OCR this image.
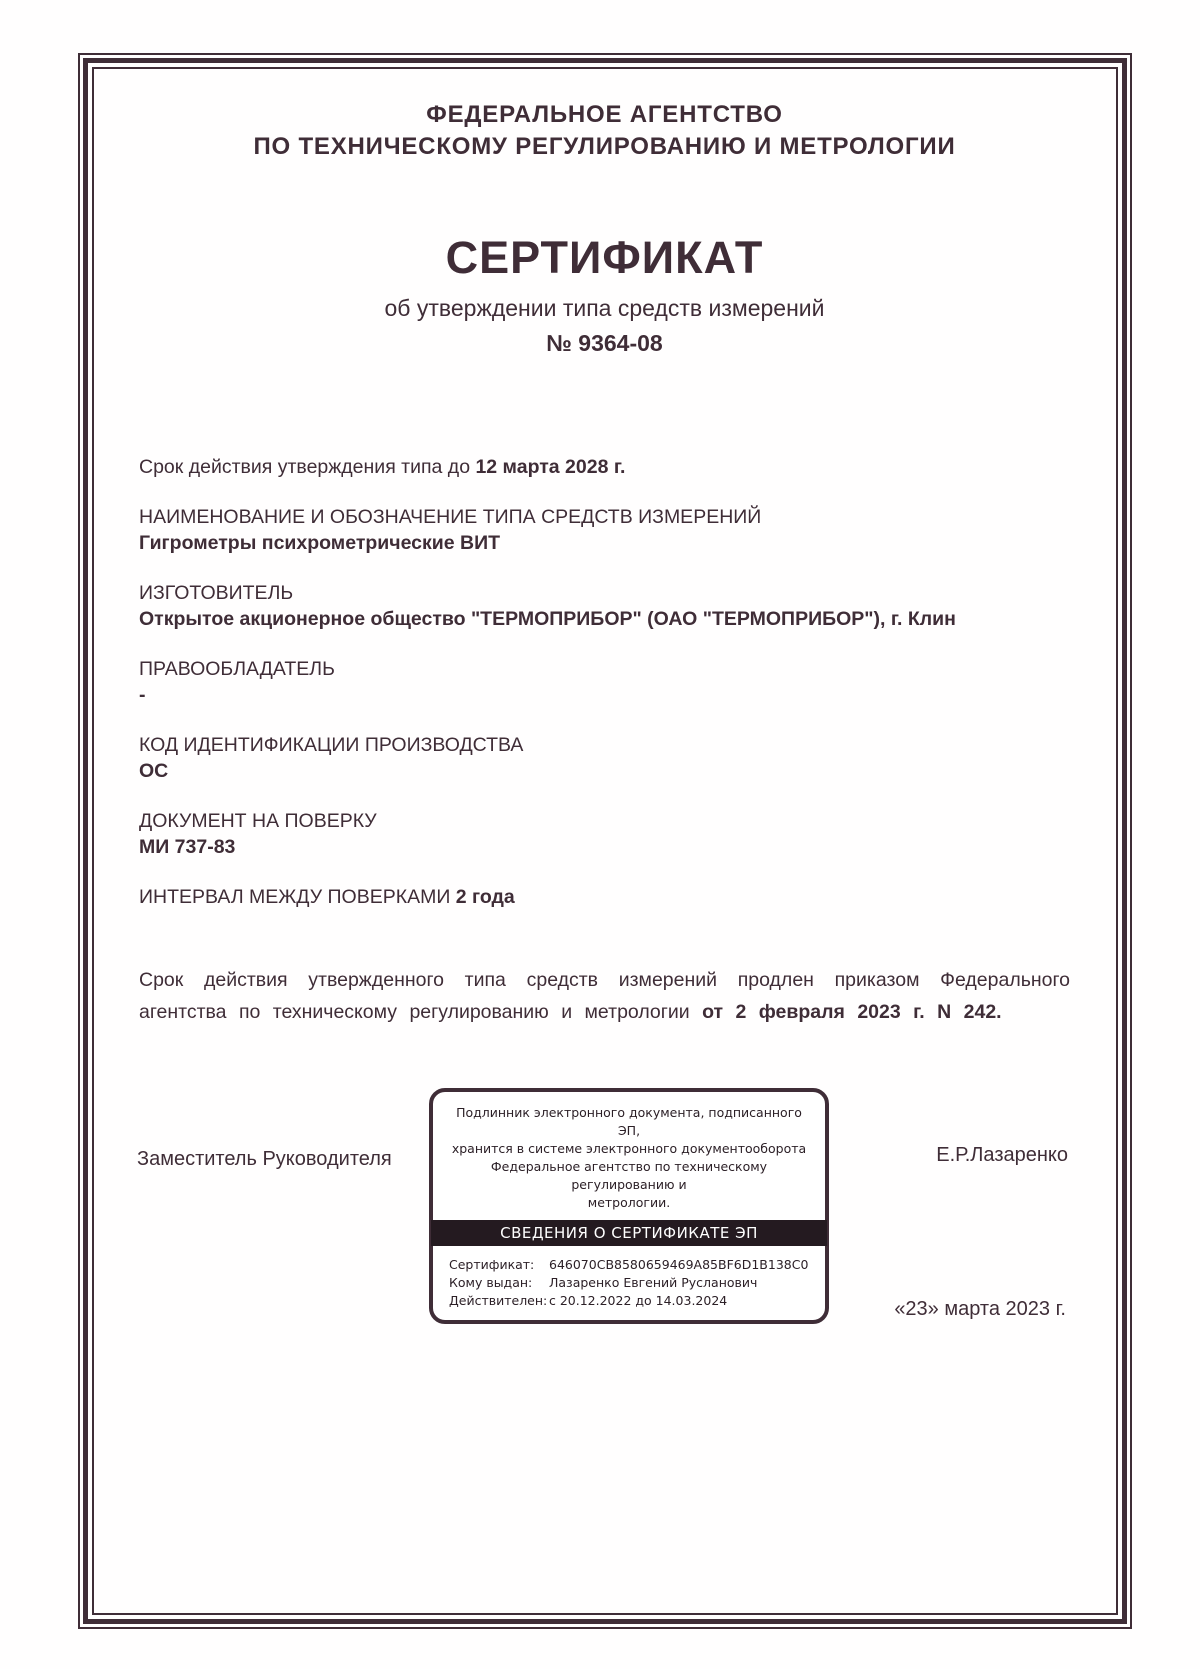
ФЕДЕРАЛЬНОЕ АГЕНТСТВО
ПО ТЕХНИЧЕСКОМУ РЕГУЛИРОВАНИЮ И МЕТРОЛОГИИ
СЕРТИФИКАТ
об утверждении типа средств измерений
№ 9364-08
Срок действия утверждения типа до 12 марта 2028 г.
НАИМЕНОВАНИЕ И ОБОЗНАЧЕНИЕ ТИПА СРЕДСТВ ИЗМЕРЕНИЙ
Гигрометры психрометрические ВИТ
ИЗГОТОВИТЕЛЬ
Открытое акционерное общество "ТЕРМОПРИБОР" (ОАО "ТЕРМОПРИБОР"), г. Клин
ПРАВООБЛАДАТЕЛЬ
-
КОД ИДЕНТИФИКАЦИИ ПРОИЗВОДСТВА
ОС
ДОКУМЕНТ НА ПОВЕРКУ
МИ 737-83
ИНТЕРВАЛ МЕЖДУ ПОВЕРКАМИ 2 года
Срок действия утвержденного типа средств измерений продлен приказом Федерального агентства по техническому регулированию и метрологии от 2 февраля 2023 г. N 242.
Заместитель Руководителя
Подлинник электронного документа, подписанного ЭП,
хранится в системе электронного документооборота
Федеральное агентство по техническому регулированию и
метрологии.
СВЕДЕНИЯ О СЕРТИФИКАТЕ ЭП
Сертификат:	646070CB8580659469A85BF6D1B138C0
Кому выдан:	Лазаренко Евгений Русланович
Действителен: с 20.12.2022 до 14.03.2024
Е.Р.Лазаренко
«23» марта 2023 г.
